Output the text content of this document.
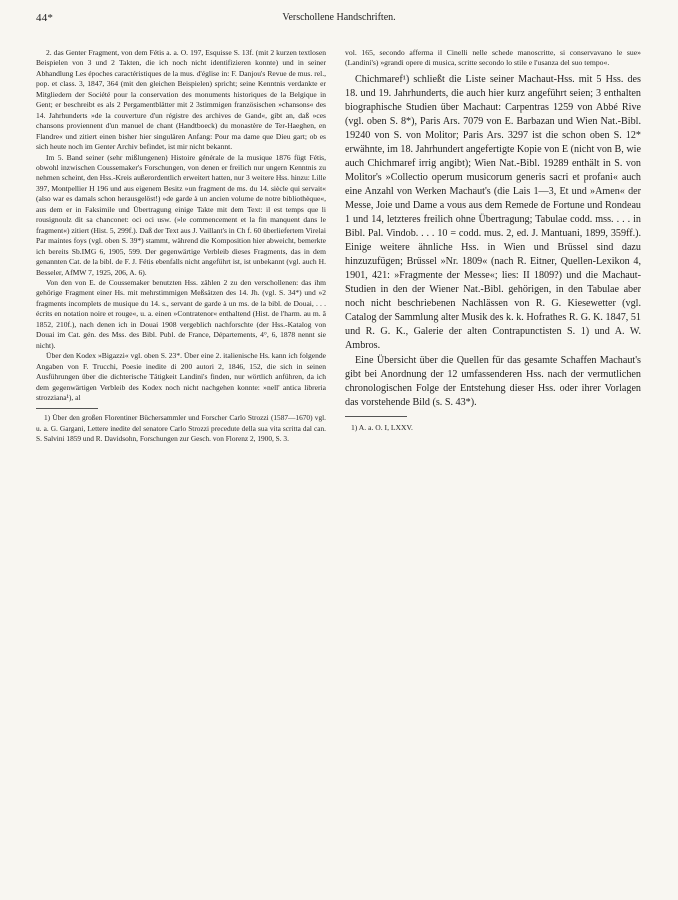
44*	Verschollene Handschriften.

2. das Genter Fragment, von dem Fétis a. a. O. 197, Esquisse S. 13f. (mit 2 kurzen textlosen Beispielen von 3 und 2 Takten, die ich noch nicht identifizieren konnte) und in seiner Abhandlung Les époches caractéristiques de la mus. d'église in: F. Danjou's Revue de mus. rel., pop. et class. 3, 1847, 364 (mit den gleichen Beispielen) spricht; seine Kenntnis verdankte er Mitgliedern der Société pour la conservation des monuments historiques de la Belgique in Gent; er beschreibt es als 2 Pergamentblätter mit 2 3stimmigen französischen »chansons« des 14. Jahrhunderts »de la couverture d'un régistre des archives de Gand«, gibt an, daß »ces chansons proviennent d'un manuel de chant (Handtboeck) du monastère de Ter-Haeghen, en Flandre« und zitiert einen bisher hier singulären Anfang: Pour ma dame que Dieu gart; ob es sich heute noch im Genter Archiv befindet, ist mir nicht bekannt.

Im 5. Band seiner (sehr mißlungenen) Histoire générale de la musique 1876 fügt Fétis, obwohl inzwischen Coussemaker's Forschungen, von denen er freilich nur ungern Kenntnis zu nehmen scheint, den Hss.-Kreis außerordentlich erweitert hatten, nur 3 weitere Hss. hinzu: Lille 397, Montpellier H 196 und aus eigenem Besitz »un fragment de ms. du 14. siècle qui servait« (also war es damals schon herausgelöst!) »de garde à un ancien volume de notre bibliothèque«, aus dem er in Faksimile und Übertragung einige Takte mit dem Text: il est temps que li rousignoulz dit sa chanconet: oci oci usw. (»le commencement et la fin manquent dans le fragment«) zitiert (Hist. 5, 299f.). Daß der Text aus J. Vaillant's in Ch f. 60 überliefertem Virelai Par maintes foys (vgl. oben S. 39*) stammt, während die Komposition hier abweicht, bemerkte ich bereits Sb.IMG 6, 1905, 599. Der gegenwärtige Verbleib dieses Fragments, das in dem genannten Cat. de la bibl. de F. J. Fétis ebenfalls nicht angeführt ist, ist unbekannt (vgl. auch H. Besseler, AfMW 7, 1925, 206, A. 6).

Von den von E. de Coussemaker benutzten Hss. zählen 2 zu den verschollenen: das ihm gehörige Fragment einer Hs. mit mehrstimmigen Meßsätzen des 14. Jh. (vgl. S. 34*) und »2 fragments incomplets de musique du 14. s., servant de garde à un ms. de la bibl. de Douai, . . . écrits en notation noire et rouge«, u. a. einen »Contratenor« enthaltend (Hist. de l'harm. au m. â 1852, 210f.), nach denen ich in Douai 1908 vergeblich nachforschte (der Hss.-Katalog von Douai im Cat. gén. des Mss. des Bibl. Publ. de France, Départements, 4°, 6, 1878 nennt sie nicht).

Über den Kodex »Bigazzi« vgl. oben S. 23*. Über eine 2. italienische Hs. kann ich folgende Angaben von F. Trucchi, Poesie inedite di 200 autori 2, 1846, 152, die sich in seinen Ausführungen über die dichterische Tätigkeit Landini's finden, nur wörtlich anführen, da ich dem gegenwärtigen Verbleib des Kodex noch nicht nachgehen konnte: »nell' antica libreria strozziana¹), al

1) Über den großen Florentiner Büchersammler und Forscher Carlo Strozzi (1587—1670) vgl. u. a. G. Gargani, Lettere inedite del senatore Carlo Strozzi precedute della sua vita scritta dal can. S. Salvini 1859 und R. Davidsohn, Forschungen zur Gesch. von Florenz 2, 1900, S. 3.

vol. 165, secondo afferma il Cinelli nelle schede manoscritte, si conservavano le sue» (Landini's) »grandi opere di musica, scritte secondo lo stile e l'usanza del suo tempo«.

Chichmaref¹) schließt die Liste seiner Machaut-Hss. mit 5 Hss. des 18. und 19. Jahrhunderts, die auch hier kurz angeführt seien; 3 enthalten biographische Studien über Machaut: Carpentras 1259 von Abbé Rive (vgl. oben S. 8*), Paris Ars. 7079 von E. Barbazan und Wien Nat.-Bibl. 19240 von S. von Molitor; Paris Ars. 3297 ist die schon oben S. 12* erwähnte, im 18. Jahrhundert angefertigte Kopie von E (nicht von B, wie auch Chichmaref irrig angibt); Wien Nat.-Bibl. 19289 enthält in S. von Molitor's »Collectio operum musicorum generis sacri et profani« auch eine Anzahl von Werken Machaut's (die Lais 1—3, Et und »Amen« der Messe, Joie und Dame a vous aus dem Remede de Fortune und Rondeau 1 und 14, letzteres freilich ohne Übertragung; Tabulae codd. mss. . . . in Bibl. Pal. Vindob. . . . 10 = codd. mus. 2, ed. J. Mantuani, 1899, 359ff.). Einige weitere ähnliche Hss. in Wien und Brüssel sind dazu hinzuzufügen; Brüssel »Nr. 1809« (nach R. Eitner, Quellen-Lexikon 4, 1901, 421: »Fragmente der Messe«; lies: II 1809?) und die Machaut-Studien in den der Wiener Nat.-Bibl. gehörigen, in den Tabulae aber noch nicht beschriebenen Nachlässen von R. G. Kiesewetter (vgl. Catalog der Sammlung alter Musik des k. k. Hofrathes R. G. K. 1847, 51 und R. G. K., Galerie der alten Contrapunctisten S. 1) und A. W. Ambros.

Eine Übersicht über die Quellen für das gesamte Schaffen Machaut's gibt bei Anordnung der 12 umfassenderen Hss. nach der vermutlichen chronologischen Folge der Entstehung dieser Hss. oder ihrer Vorlagen das vorstehende Bild (s. S. 43*).

1) A. a. O. I, LXXV.
